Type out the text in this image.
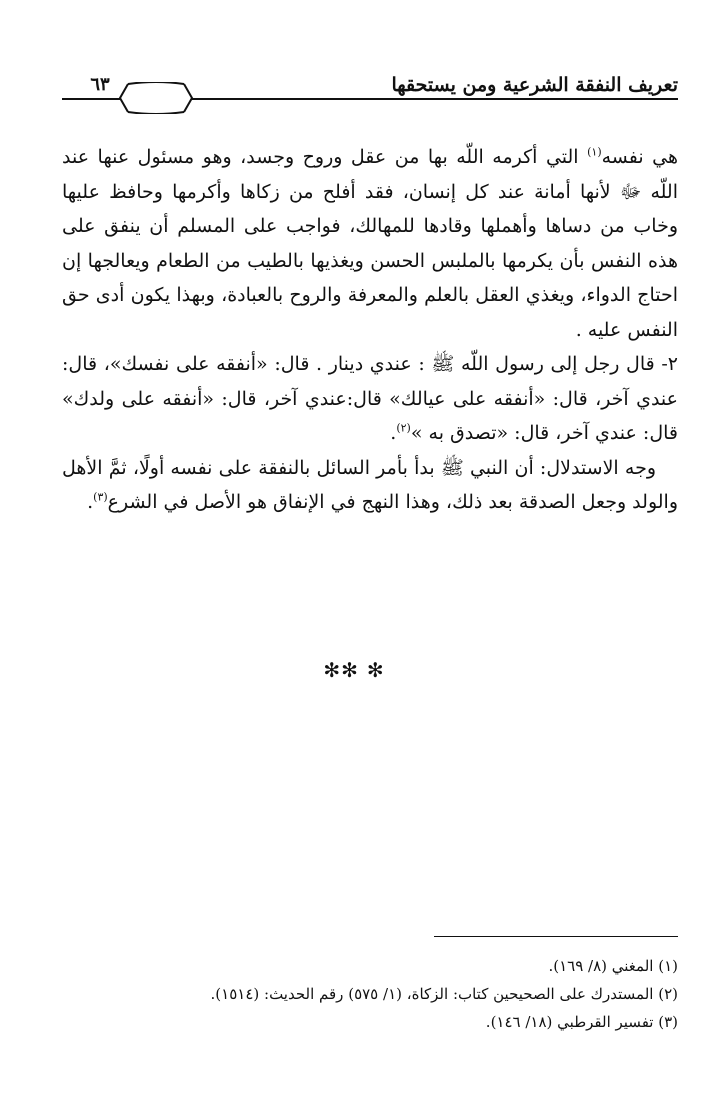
٦٣	تعريف النفقة الشرعية ومن يستحقها

هي نفسه$^{(١)}$ التي أكرمه اللّه بها من عقل وروح وجسد، وهو مسئول عنها عند اللّه ﷻ لأنها أمانة عند كل إنسان، فقد أفلح من زكاها وأكرمها وحافظ عليها وخاب من دساها وأهملها وقادها للمهالك، فواجب على المسلم أن ينفق على هذه النفس بأن يكرمها بالملبس الحسن ويغذيها بالطيب من الطعام ويعالجها إن احتاج الدواء، ويغذي العقل بالعلم والمعرفة والروح بالعبادة، وبهذا يكون أدى حق النفس عليه .

٢- قال رجل إلى رسول اللّه ﷺ : عندي دينار . قال: «أنفقه على نفسك»، قال: عندي آخر، قال: «أنفقه على عيالك» قال:عندي آخر، قال: «أنفقه على ولدك» قال: عندي آخر، قال: «تصدق به »$^{(٢)}$.

وجه الاستدلال: أن النبي ﷺ بدأ بأمر السائل بالنفقة على نفسه أولًا، ثمَّ الأهل والولد وجعل الصدقة بعد ذلك، وهذا النهج في الإنفاق هو الأصل في الشرع$^{(٣)}$.

✻✻ ✻
(١) المغني (٨/ ١٦٩).
(٢) المستدرك على الصحيحين كتاب: الزكاة، (١/ ٥٧٥) رقم الحديث: (١٥١٤).
(٣) تفسير القرطبي (١٨/ ١٤٦).
